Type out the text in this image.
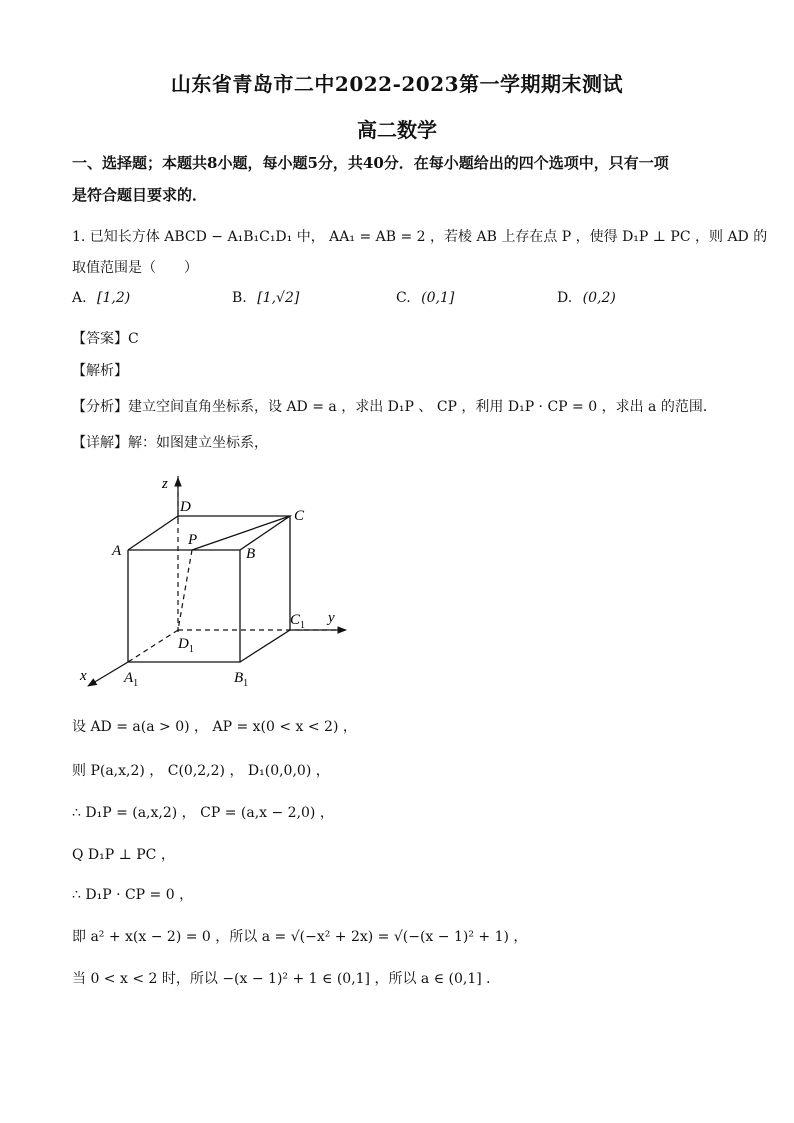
山东省青岛市二中2022-2023第一学期期末测试
高二数学
一、选择题；本题共8小题，每小题5分，共40分．在每小题给出的四个选项中，只有一项
是符合题目要求的．
1. 已知长方体 ABCD − A₁B₁C₁D₁ 中， AA₁ = AB = 2 ，若棱 AB 上存在点 P ，使得 D₁P ⊥ PC ，则 AD 的
取值范围是（　　）
A. [1,2)	B. [1,√2]	C. (0,1]	D. (0,2)
【答案】C
【解析】
【分析】建立空间直角坐标系，设 AD = a ，求出 D₁P 、 CP ，利用 D₁P · CP = 0 ，求出 a 的范围．
【详解】解：如图建立坐标系，
z
y
x
D
C
A
P
B
$D_1$
$C_1$
$A_1$	$B_1$
设 AD = a(a > 0) ， AP = x(0 < x < 2) ，
则 P(a,x,2) ， C(0,2,2) ， D₁(0,0,0) ，
∴ D₁P = (a,x,2) ， CP = (a,x − 2,0) ，
Q D₁P ⊥ PC ，
∴ D₁P · CP = 0 ，
即 a² + x(x − 2) = 0 ，所以 a = √(−x² + 2x) = √(−(x − 1)² + 1) ，
当 0 < x < 2 时，所以 −(x − 1)² + 1 ∈ (0,1] ，所以 a ∈ (0,1] ．
